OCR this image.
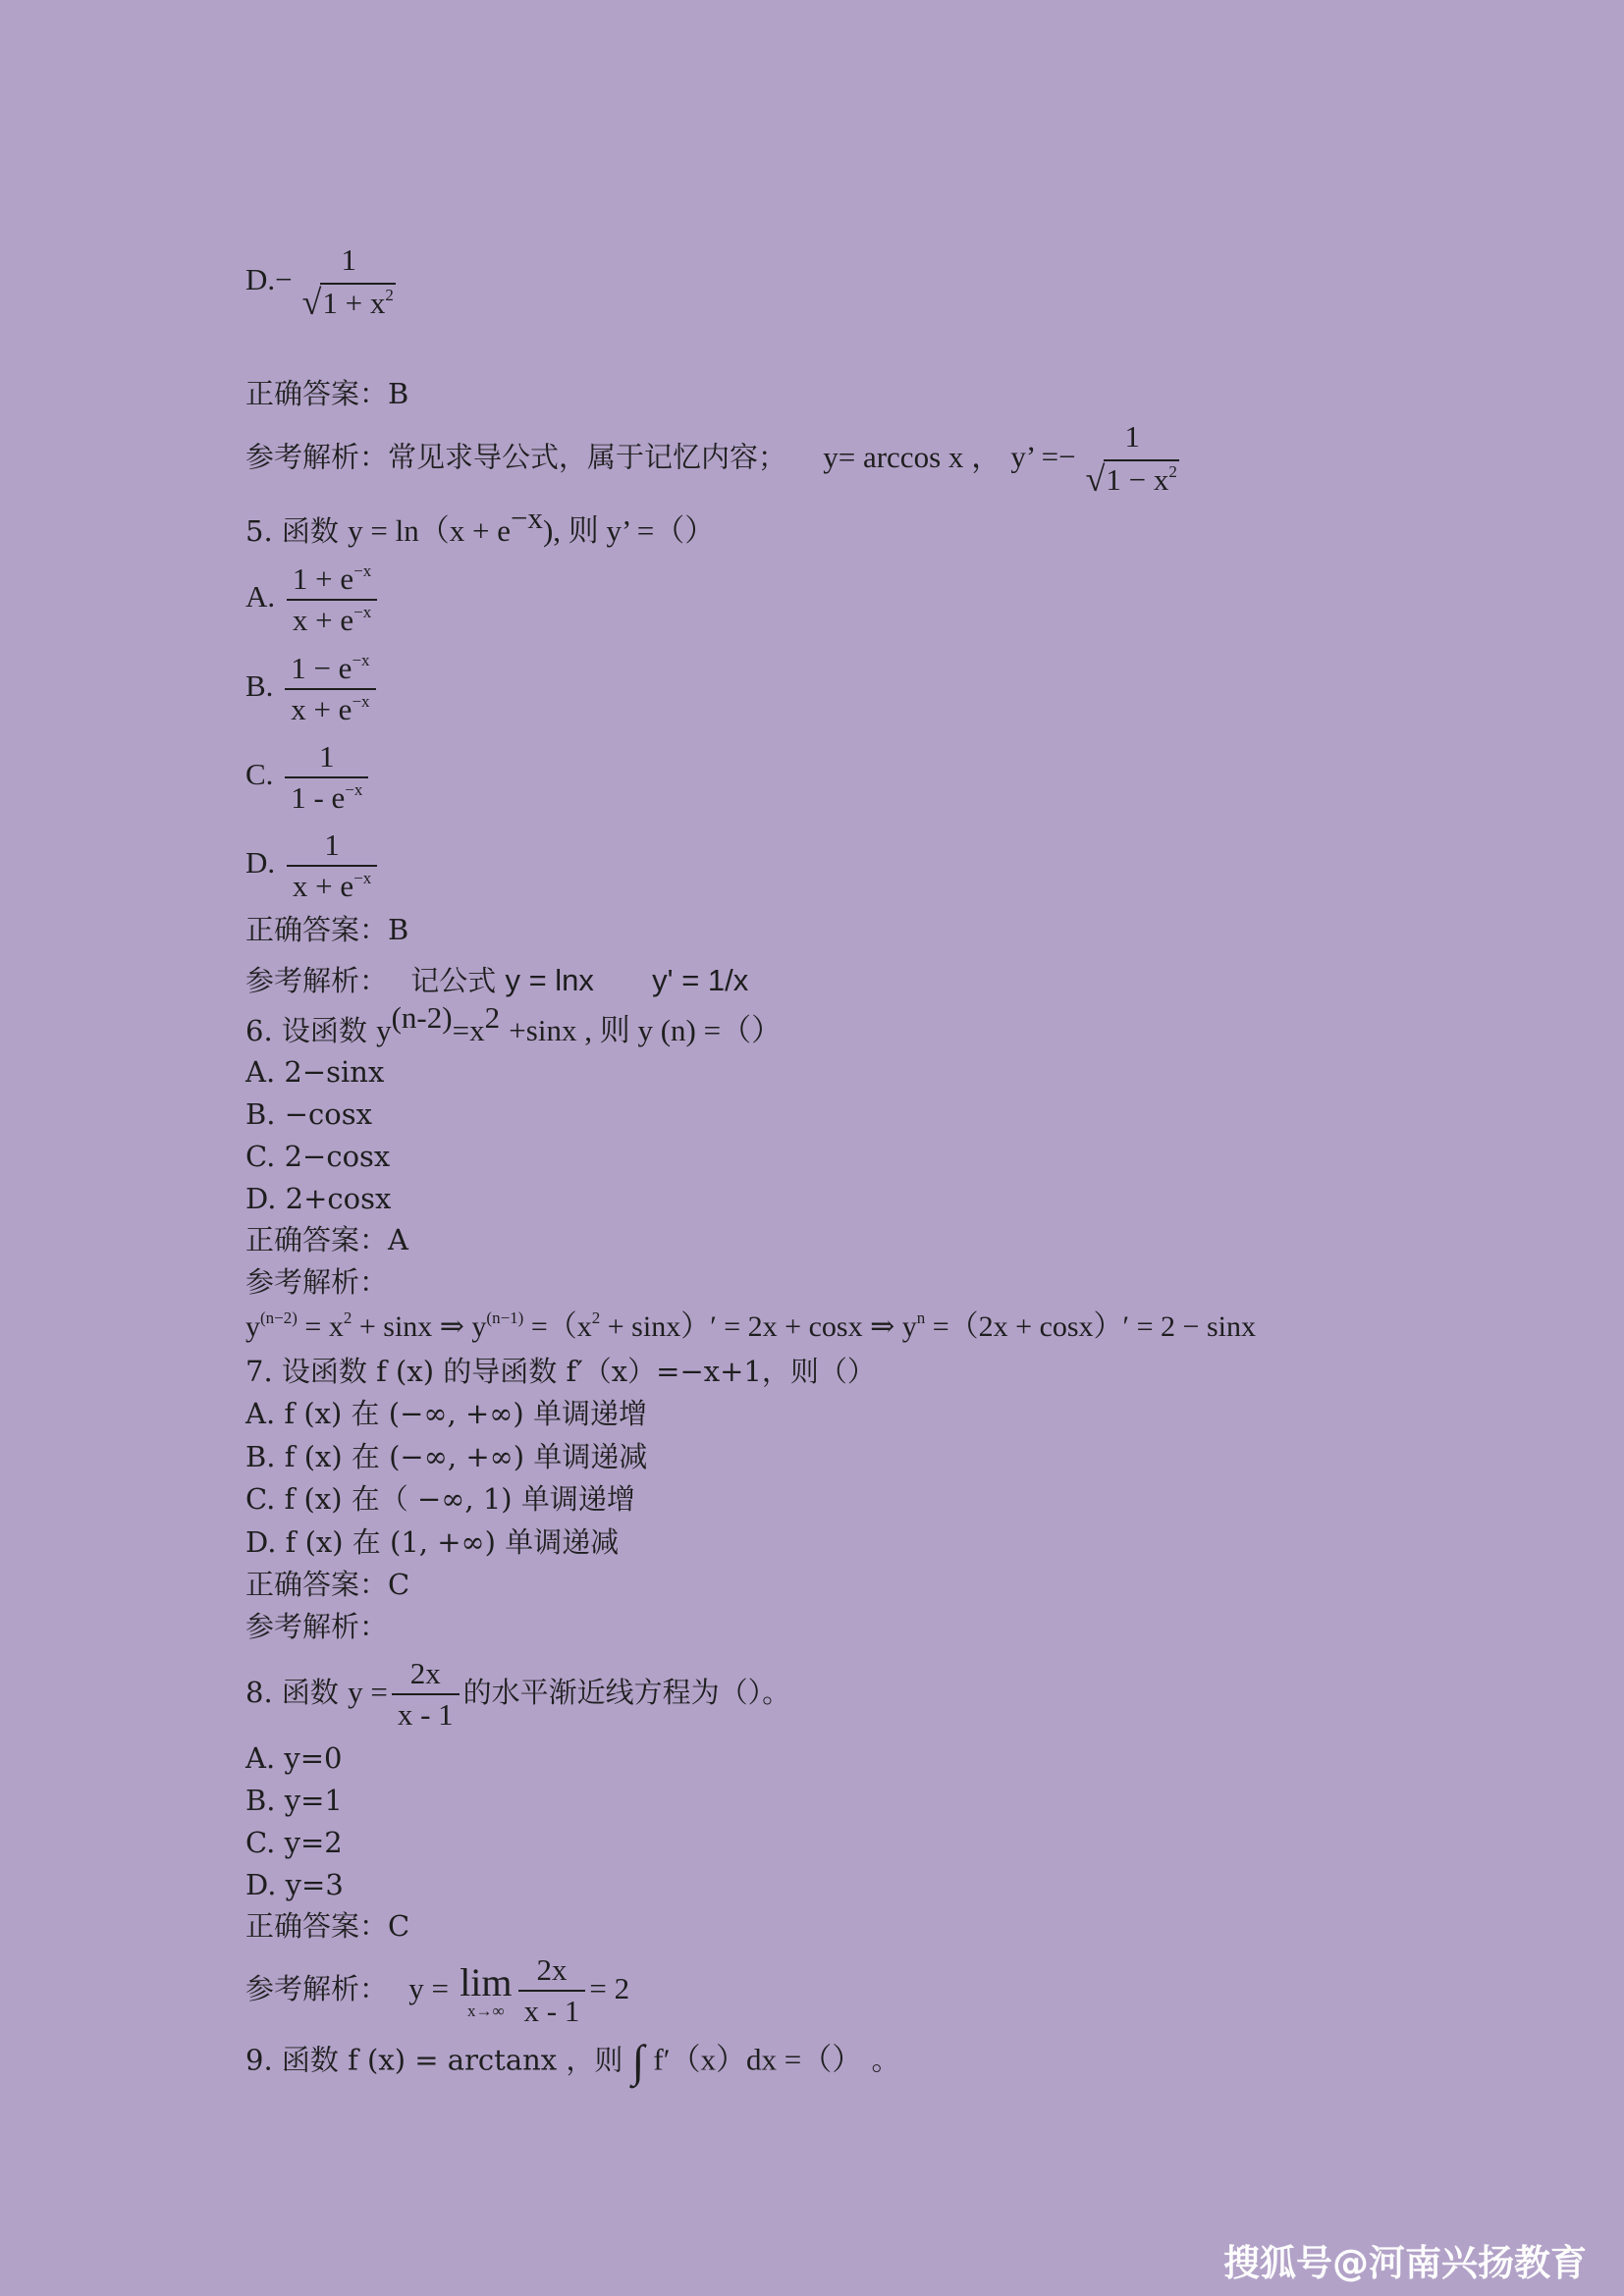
D.−
1
√ $1 + x^2$
正确答案：B
参考解析：常见求导公式，属于记忆内容； y= arccos x ， y’ =−
1
√ $1 - x^2$
5. 函数 $y = \ln(x + e^{-x})$, 则 y’ =（）
A. $\frac{1 + e^{-x}}{x + e^{-x}}$
B. $\frac{1 - e^{-x}}{x + e^{-x}}$
C. $\frac{1}{1 - e^{-x}}$
D. $\frac{1}{x + e^{-x}}$
正确答案：B
参考解析： 记公式 y = lnx y' = 1/x
6. 设函数 $y^{(n-2)}=x^2 +\sin x$ , 则 y (n) =（）
A. 2−sinx
B. −cosx
C. 2−cosx
D. 2+cosx
正确答案：A
参考解析：
$y^{(n-2)} = x^2 + \sin x$ ⇒ $y^{(n-1)} =(x^2 + \sin x)' = 2x + \cos x$ ⇒ $y^n =(2x + \cos x)' = 2 - \sin x$
7. 设函数 f (x) 的导函数 f′（x）=−x+1，则（）
A. f (x) 在 (−∞, +∞) 单调递增
B. f (x) 在 (−∞, +∞) 单调递减
C. f (x) 在（ −∞, 1) 单调递增
D. f (x) 在 (1, +∞) 单调递减
正确答案：C
参考解析：
8. 函数 $y = \frac{2x}{x - 1}$ 的水平渐近线方程为（）。
A. y=0
B. y=1
C. y=2
D. y=3
正确答案：C
参考解析： y = lim
$x\to\infty \frac{2x}{x - 1} = 2$
9. 函数 f (x) = arctanx ，则 ∫ f′（x）dx =（） 。
搜狐号@河南兴扬教育
